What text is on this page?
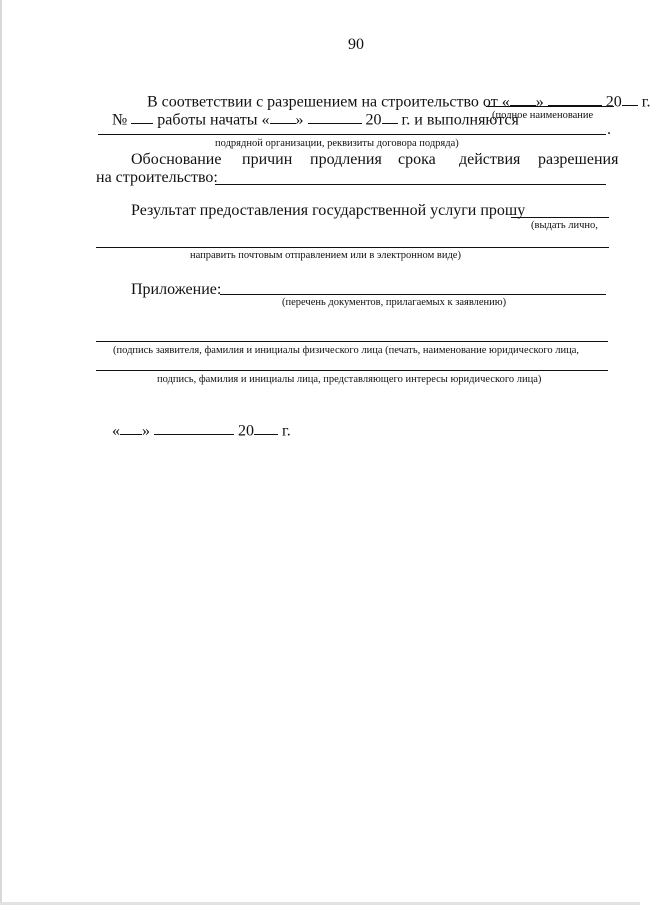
90

В соответствии с разрешением на строительство от « »	20 г.

№ работы начаты « »	20 г. и выполняются

(полное наименование
.
подрядной организации, реквизиты договора подряда)
Обоснование причин продления срока действия разрешения
на строительство:
Результат предоставления государственной услуги прошу
(выдать лично,
направить почтовым отправлением или в электронном виде)
Приложение:
(перечень документов, прилагаемых к заявлению)
(подпись заявителя, фамилия и инициалы физического лица (печать, наименование юридического лица,
подпись, фамилия и инициалы лица, представляющего интересы юридического лица)

« »	20 г.
